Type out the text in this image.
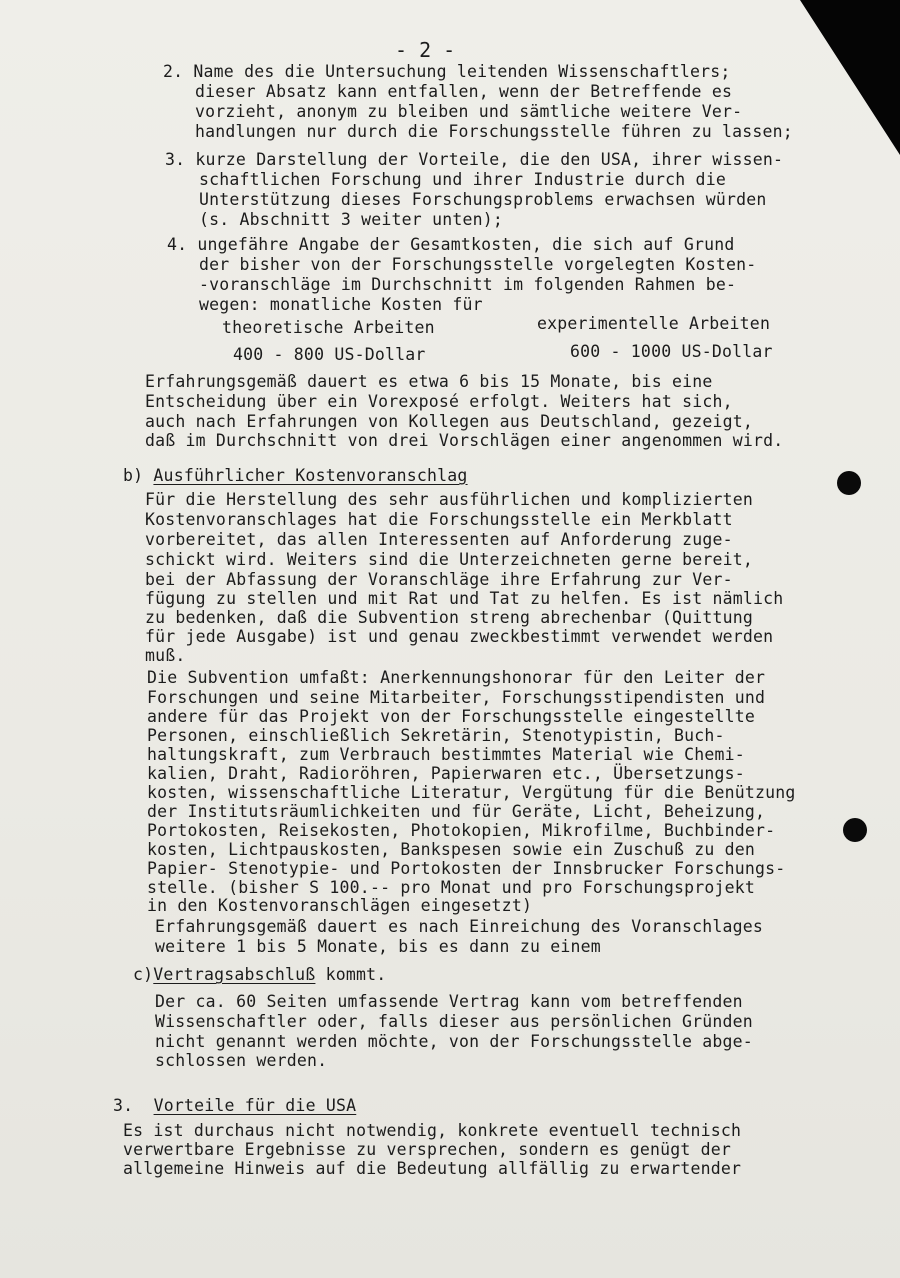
- 2 -
2. Name des die Untersuchung leitenden Wissenschaftlers;
dieser Absatz kann entfallen, wenn der Betreffende es
vorzieht, anonym zu bleiben und sämtliche weitere Ver-
handlungen nur durch die Forschungsstelle führen zu lassen;
3. kurze Darstellung der Vorteile, die den USA, ihrer wissen-
schaftlichen Forschung und ihrer Industrie durch die
Unterstützung dieses Forschungsproblems erwachsen würden
(s. Abschnitt 3 weiter unten);
4. ungefähre Angabe der Gesamtkosten, die sich auf Grund
der bisher von der Forschungsstelle vorgelegten Kosten-
-voranschläge im Durchschnitt im folgenden Rahmen be-
wegen: monatliche Kosten für
theoretische Arbeiten	experimentelle Arbeiten
400 - 800 US-Dollar	600 - 1000 US-Dollar
Erfahrungsgemäß dauert es etwa 6 bis 15 Monate, bis eine
Entscheidung über ein Vorexposé erfolgt. Weiters hat sich,
auch nach Erfahrungen von Kollegen aus Deutschland, gezeigt,
daß im Durchschnitt von drei Vorschlägen einer angenommen wird.
b) Ausführlicher Kostenvoranschlag
Für die Herstellung des sehr ausführlichen und komplizierten
Kostenvoranschlages hat die Forschungsstelle ein Merkblatt
vorbereitet, das allen Interessenten auf Anforderung zuge-
schickt wird. Weiters sind die Unterzeichneten gerne bereit,
bei der Abfassung der Voranschläge ihre Erfahrung zur Ver-
fügung zu stellen und mit Rat und Tat zu helfen. Es ist nämlich
zu bedenken, daß die Subvention streng abrechenbar (Quittung
für jede Ausgabe) ist und genau zweckbestimmt verwendet werden
muß.
Die Subvention umfaßt: Anerkennungshonorar für den Leiter der
Forschungen und seine Mitarbeiter, Forschungsstipendisten und
andere für das Projekt von der Forschungsstelle eingestellte
Personen, einschließlich Sekretärin, Stenotypistin, Buch-
haltungskraft, zum Verbrauch bestimmtes Material wie Chemi-
kalien, Draht, Radioröhren, Papierwaren etc., Übersetzungs-
kosten, wissenschaftliche Literatur, Vergütung für die Benützung
der Institutsräumlichkeiten und für Geräte, Licht, Beheizung,
Portokosten, Reisekosten, Photokopien, Mikrofilme, Buchbinder-
kosten, Lichtpauskosten, Bankspesen sowie ein Zuschuß zu den
Papier- Stenotypie- und Portokosten der Innsbrucker Forschungs-
stelle. (bisher S 100.-- pro Monat und pro Forschungsprojekt
in den Kostenvoranschlägen eingesetzt)
Erfahrungsgemäß dauert es nach Einreichung des Voranschlages
weitere 1 bis 5 Monate, bis es dann zu einem
c)Vertragsabschluß kommt.
Der ca. 60 Seiten umfassende Vertrag kann vom betreffenden
Wissenschaftler oder, falls dieser aus persönlichen Gründen
nicht genannt werden möchte, von der Forschungsstelle abge-
schlossen werden.
3. Vorteile für die USA
Es ist durchaus nicht notwendig, konkrete eventuell technisch
verwertbare Ergebnisse zu versprechen, sondern es genügt der
allgemeine Hinweis auf die Bedeutung allfällig zu erwartender
